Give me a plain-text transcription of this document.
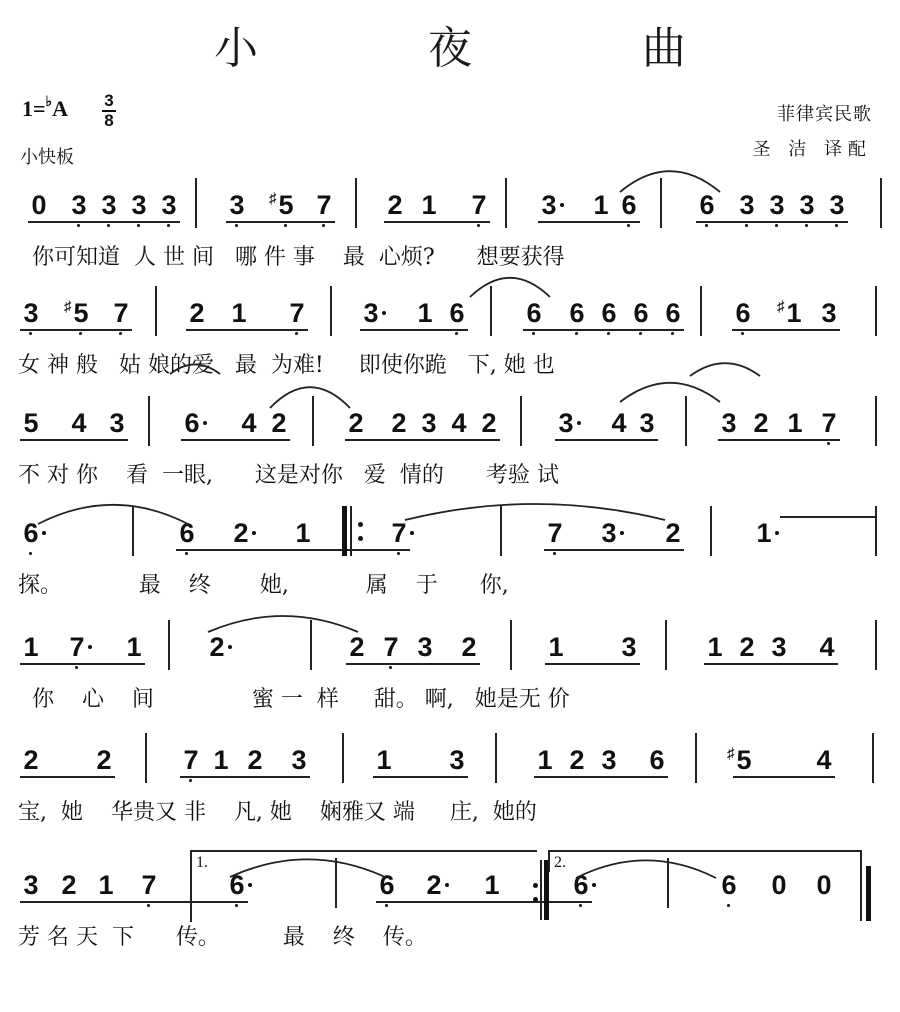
小 夜 曲
1=♭A 3
8
小快板
菲律宾民歌
圣 洁 译配
0 3 3 3 3 3 5
♯ 7 2 1 7 3 1 6 6 3 3 3 3
你可知道  人 世 间   哪 件 事    最  心烦?      想要获得
3 5
♯ 7 2 1 7 3 1 6 6 6 6 6 6 6 1
♯ 3
女 神 般   姑 娘的爱   最  为难!     即使你跪   下, 她 也
5 4 3 6 4 2 2 2 3 4 2 3 4 3 3 2 1 7
不 对 你    看  一眼,      这是对你   爱  情的      考验 试
6	6 2 1	7	7 3 2	1
探。           最    终       她,           属    于      你,
1 7 1	2	2 7 3 2	1 3	1 2 3 4
你    心    间              蜜 一  样     甜。 啊,   她是无 价
2 2	7 1 2 3	1 3	1 2 3 6	5
♯	4
宝,  她    华贵又 非    凡, 她    娴雅又 端     庄,  她的
3 2 1 7	6	6 2 1	6	6 0 0
芳 名 天  下      传。         最    终    传。
1.	2.
